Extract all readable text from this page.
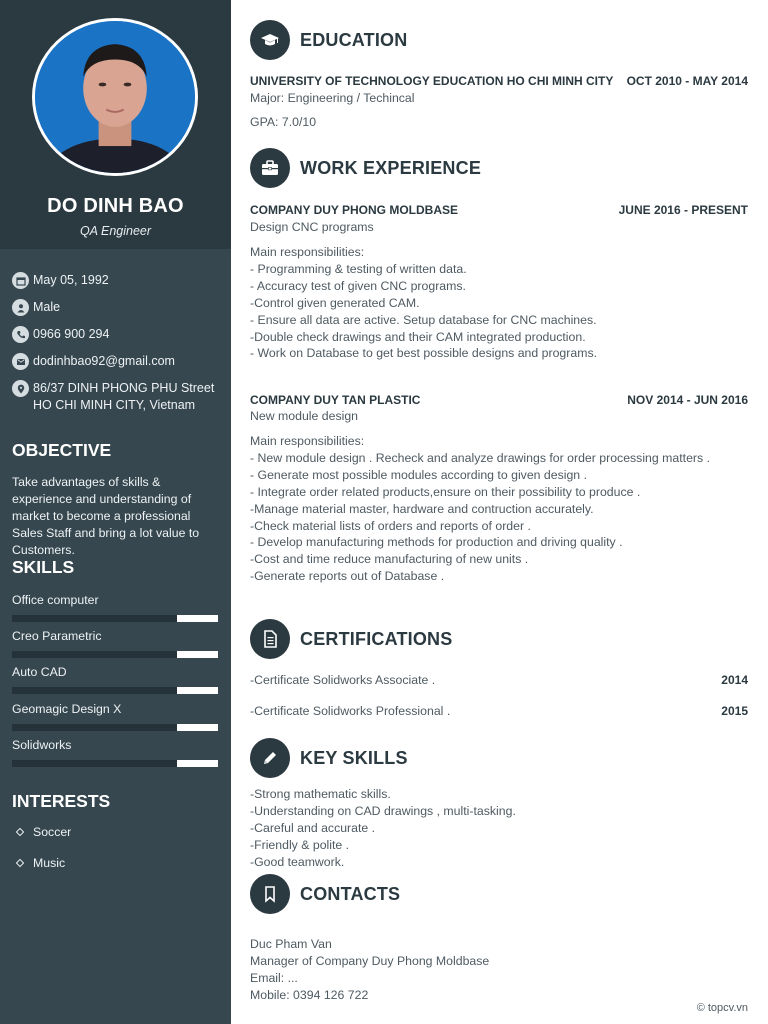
DO DINH BAO
QA Engineer
May 05, 1992
Male
0966 900 294
dodinhbao92@gmail.com
86/37 DINH PHONG PHU Street
HO CHI MINH CITY, Vietnam
OBJECTIVE
Take advantages of skills & experience and understanding of market to become a professional Sales Staff and bring a lot value to Customers.
SKILLS
Office computer
Creo Parametric
Auto CAD
Geomagic Design X
Solidworks
INTERESTS
Soccer
Music
EDUCATION
UNIVERSITY OF TECHNOLOGY EDUCATION HO CHI MINH CITY OCT 2010 - MAY 2014
Major: Engineering / Techincal
GPA: 7.0/10
WORK EXPERIENCE
COMPANY DUY PHONG MOLDBASE	JUNE 2016 - PRESENT
Design CNC programs
Main responsibilities:
- Programming & testing of written data.
- Accuracy test of given CNC programs.
-Control given generated CAM.
- Ensure all data are active. Setup database for CNC machines.
-Double check drawings and their CAM integrated production.
- Work on Database to get best possible designs and programs.
COMPANY DUY TAN PLASTIC	NOV 2014 - JUN 2016
New module design
Main responsibilities:
- New module design . Recheck and analyze drawings for order processing matters .
- Generate most possible modules according to given design .
- Integrate order related products,ensure on their possibility to produce .
-Manage material master, hardware and contruction accurately.
-Check material lists of orders and reports of order .
- Develop manufacturing methods for production and driving quality .
-Cost and time reduce manufacturing of new units .
-Generate reports out of Database .
CERTIFICATIONS
-Certificate Solidworks Associate .	2014
-Certificate Solidworks Professional .	2015
KEY SKILLS
-Strong mathematic skills.
-Understanding on CAD drawings , multi-tasking.
-Careful and accurate .
-Friendly & polite .
-Good teamwork.
CONTACTS
Duc Pham Van
Manager of Company Duy Phong Moldbase
Email: ...
Mobile: 0394 126 722
© topcv.vn
